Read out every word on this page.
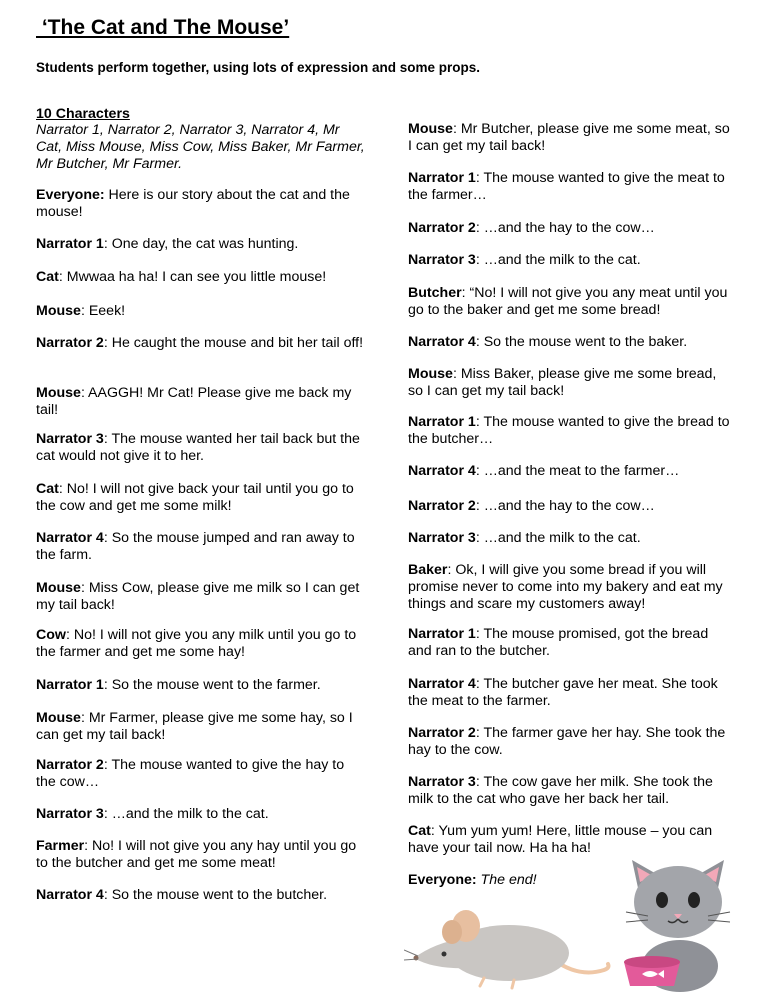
‘The Cat and The Mouse’
Students perform together, using lots of expression and some props.
10 Characters
Narrator 1, Narrator 2, Narrator 3, Narrator 4, Mr Cat, Miss Mouse, Miss Cow, Miss Baker, Mr Farmer, Mr Butcher, Mr Farmer.
Everyone: Here is our story about the cat and the mouse!
Narrator 1: One day, the cat was hunting.
Cat: Mwwaa ha ha! I can see you little mouse!
Mouse: Eeek!
Narrator 2: He caught the mouse and bit her tail off!
Mouse: AAGGH! Mr Cat! Please give me back my tail!
Narrator 3: The mouse wanted her tail back but the cat would not give it to her.
Cat: No! I will not give back your tail until you go to the cow and get me some milk!
Narrator 4: So the mouse jumped and ran away to the farm.
Mouse: Miss Cow, please give me milk so I can get my tail back!
Cow: No! I will not give you any milk until you go to the farmer and get me some hay!
Narrator 1: So the mouse went to the farmer.
Mouse: Mr Farmer, please give me some hay, so I can get my tail back!
Narrator 2: The mouse wanted to give the hay to the cow…
Narrator 3: …and the milk to the cat.
Farmer: No! I will not give you any hay until you go to the butcher and get me some meat!
Narrator 4: So the mouse went to the butcher.
Mouse: Mr Butcher, please give me some meat, so I can get my tail back!
Narrator 1: The mouse wanted to give the meat to the farmer…
Narrator 2: …and the hay to the cow…
Narrator 3: …and the milk to the cat.
Butcher: “No! I will not give you any meat until you go to the baker and get me some bread!
Narrator 4: So the mouse went to the baker.
Mouse: Miss Baker, please give me some bread, so I can get my tail back!
Narrator 1: The mouse wanted to give the bread to the butcher…
Narrator 4: …and the meat to the farmer…
Narrator 2: …and the hay to the cow…
Narrator 3: …and the milk to the cat.
Baker: Ok, I will give you some bread if you will promise never to come into my bakery and eat my things and scare my customers away!
Narrator 1: The mouse promised, got the bread and ran to the butcher.
Narrator 4: The butcher gave her meat. She took the meat to the farmer.
Narrator 2: The farmer gave her hay. She took the hay to the cow.
Narrator 3: The cow gave her milk. She took the milk to the cat who gave her back her tail.
Cat: Yum yum yum! Here, little mouse – you can have your tail now. Ha ha ha!
Everyone: The end!
